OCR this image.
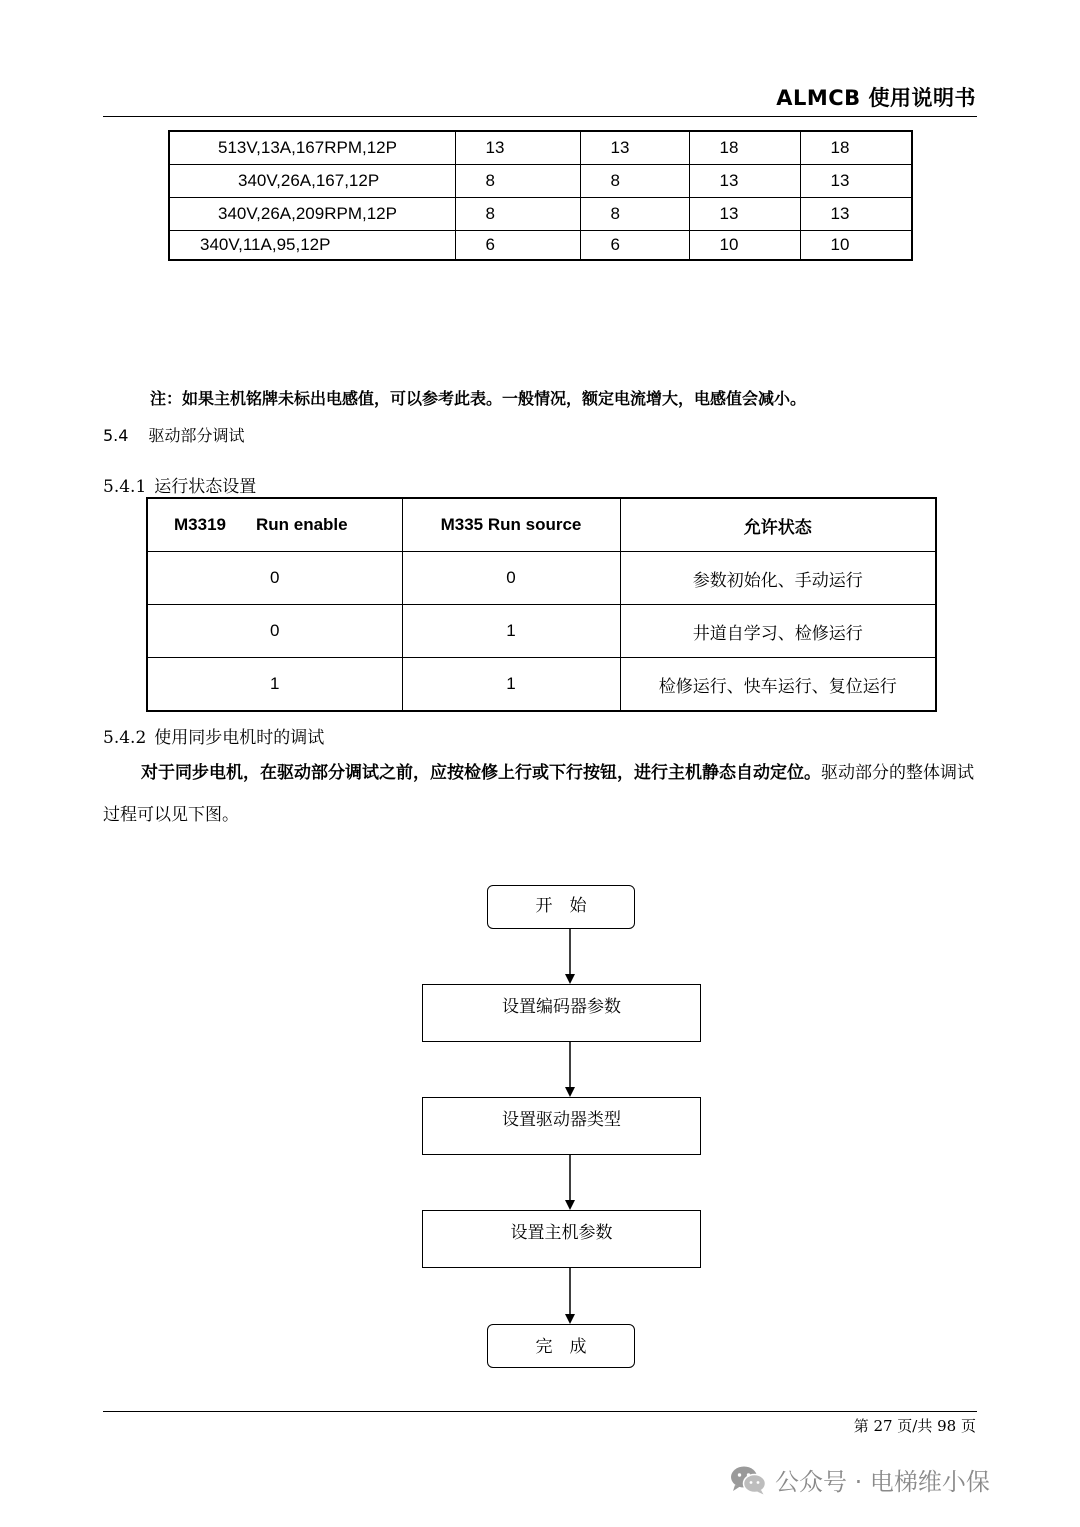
ALMCB 使用说明书
513V,13A,167RPM,12P	13	13	18	18
340V,26A,167,12P	8	8	13	13
340V,26A,209RPM,12P	8	8	13	13
340V,11A,95,12P	6	6	10	10
注：如果主机铭牌未标出电感值，可以参考此表。一般情况，额定电流增大，电感值会减小。
5.4 驱动部分调试
5.4.1 运行状态设置
M3319 Run enable	M335 Run source	允许状态
0	0	参数初始化、手动运行
0	1	井道自学习、检修运行
1	1	检修运行、快车运行、复位运行
5.4.2 使用同步电机时的调试
对于同步电机，在驱动部分调试之前，应按检修上行或下行按钮，进行主机静态自动定位。驱动部分的整体调试过程可以见下图。
开　始
设置编码器参数
设置驱动器类型
设置主机参数
完　成
第 27 页/共 98 页
公众号 · 电梯维小保
